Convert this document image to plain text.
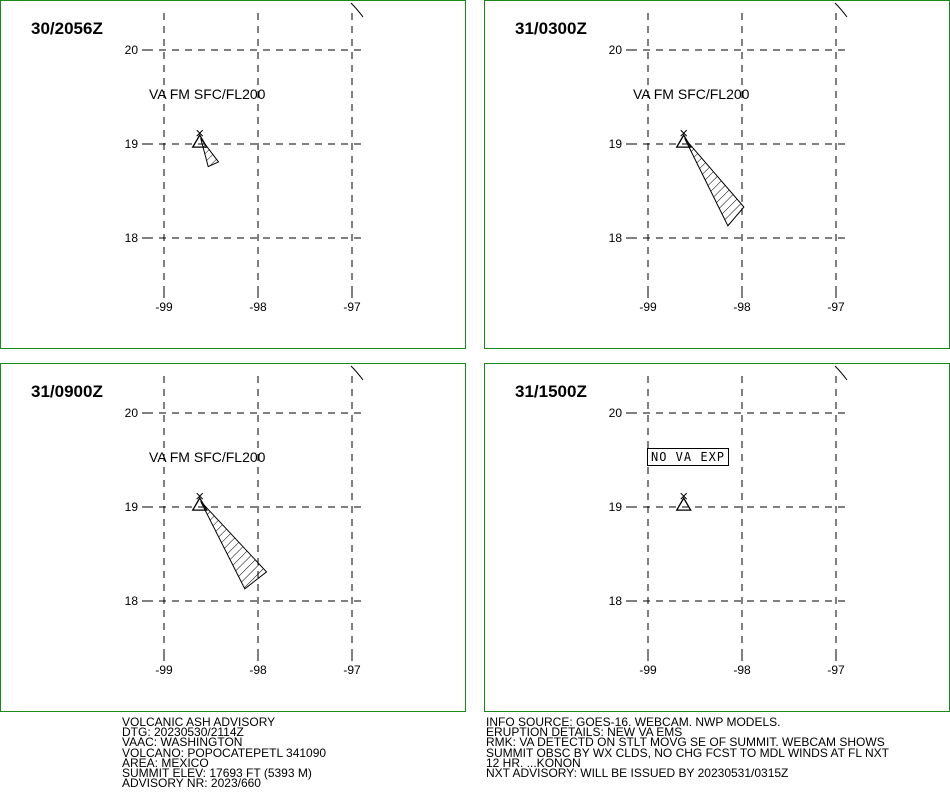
20
19
18
-99	-98	-97
VA FM SFC/FL200
30/2056Z
20
19
18
-99	-98	-97
VA FM SFC/FL200
31/0300Z
20
19
18
-99	-98	-97
VA FM SFC/FL200
31/0900Z
20
19
18
-99	-98	-97
31/1500Z
NO VA EXP
VOLCANIC ASH ADVISORY
DTG: 20230530/2114Z
VAAC: WASHINGTON
VOLCANO: POPOCATEPETL 341090
AREA: MEXICO
SUMMIT ELEV: 17693 FT (5393 M)
ADVISORY NR: 2023/660
INFO SOURCE: GOES-16. WEBCAM. NWP MODELS.
ERUPTION DETAILS: NEW VA EMS
RMK: VA DETECTD ON STLT MOVG SE OF SUMMIT. WEBCAM SHOWS
SUMMIT OBSC BY WX CLDS, NO CHG FCST TO MDL WINDS AT FL NXT
12 HR. ...KONON
NXT ADVISORY: WILL BE ISSUED BY 20230531/0315Z
